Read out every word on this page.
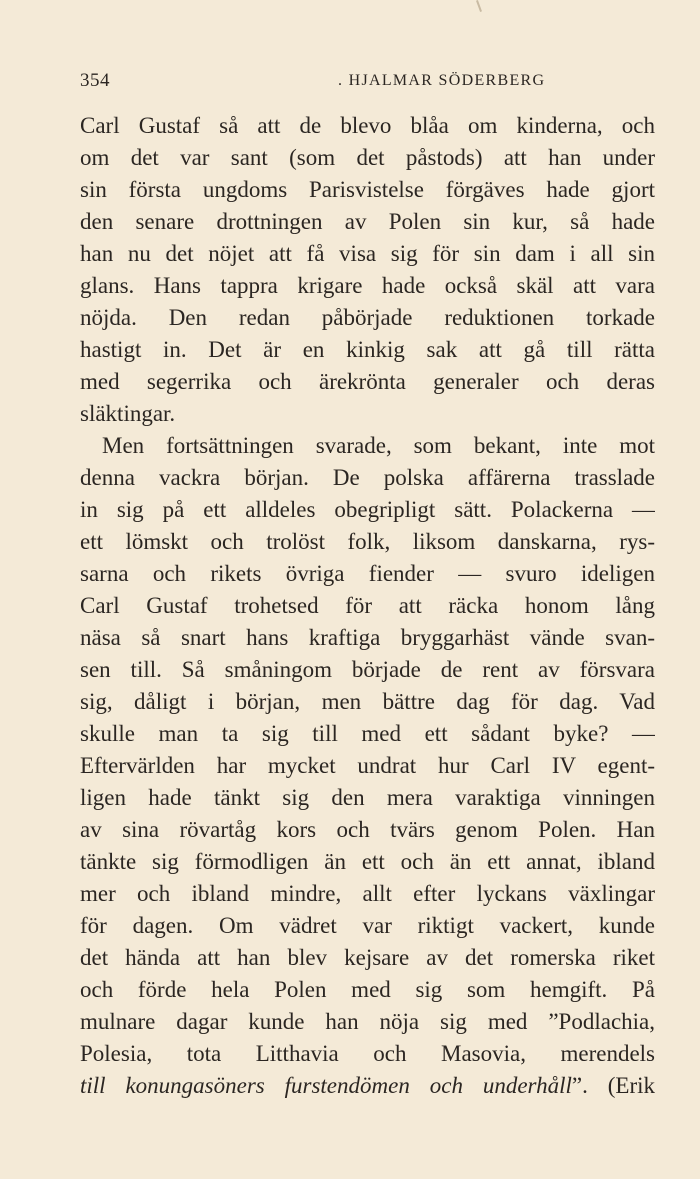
354	. HJALMAR SÖDERBERG
Carl Gustaf så att de blevo blåa om kinderna, och
om det var sant (som det påstods) att han under
sin första ungdoms Parisvistelse förgäves hade gjort
den senare drottningen av Polen sin kur, så hade
han nu det nöjet att få visa sig för sin dam i all sin
glans. Hans tappra krigare hade också skäl att vara
nöjda. Den redan påbörjade reduktionen torkade
hastigt in. Det är en kinkig sak att gå till rätta
med segerrika och ärekrönta generaler och deras
släktingar.
Men fortsättningen svarade, som bekant, inte mot
denna vackra början. De polska affärerna trasslade
in sig på ett alldeles obegripligt sätt. Polackerna —
ett lömskt och trolöst folk, liksom danskarna, rys-
sarna och rikets övriga fiender — svuro ideligen
Carl Gustaf trohetsed för att räcka honom lång
näsa så snart hans kraftiga bryggarhäst vände svan-
sen till. Så småningom började de rent av försvara
sig, dåligt i början, men bättre dag för dag. Vad
skulle man ta sig till med ett sådant byke? —
Eftervärlden har mycket undrat hur Carl IV egent-
ligen hade tänkt sig den mera varaktiga vinningen
av sina rövartåg kors och tvärs genom Polen. Han
tänkte sig förmodligen än ett och än ett annat, ibland
mer och ibland mindre, allt efter lyckans växlingar
för dagen. Om vädret var riktigt vackert, kunde
det hända att han blev kejsare av det romerska riket
och förde hela Polen med sig som hemgift. På
mulnare dagar kunde han nöja sig med ”Podlachia,
Polesia, tota Litthavia och Masovia, merendels
till konungasöners furstendömen och underhåll”. (Erik
